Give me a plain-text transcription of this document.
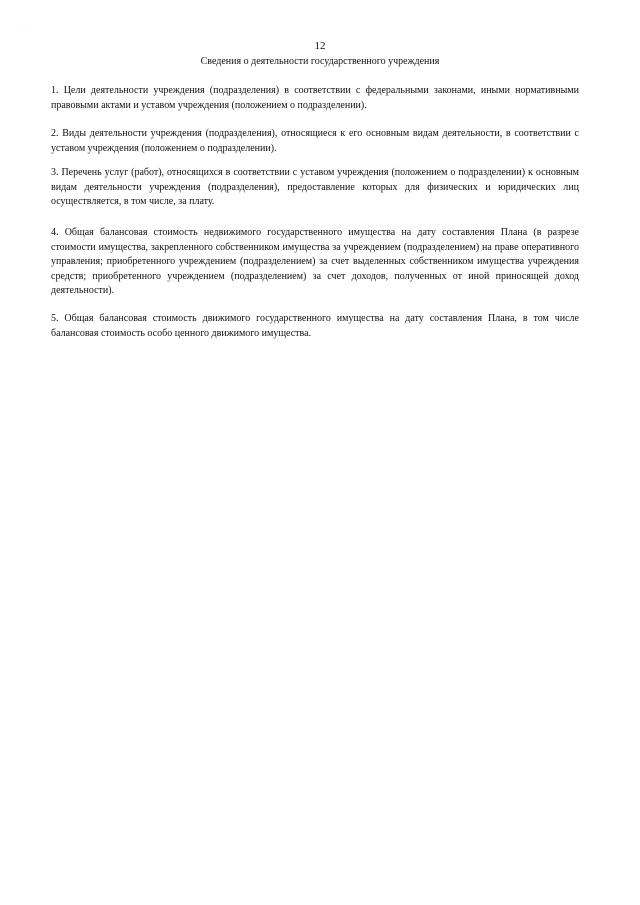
· · ·
12
Сведения о деятельности государственного учреждения

1. Цели деятельности учреждения (подразделения) в соответствии с федеральными законами, иными нормативными правовыми актами и уставом учреждения (положением о подразделении).

2. Виды деятельности учреждения (подразделения), относящиеся к его основным видам деятельности, в соответствии с уставом учреждения (положением о подразделении).

3. Перечень услуг (работ), относящихся в соответствии с уставом учреждения (положением о подразделении) к основным видам деятельности учреждения (подразделения), предоставление которых для физических и юридических лиц осуществляется, в том числе, за плату.

4. Общая балансовая стоимость недвижимого государственного имущества на дату составления Плана (в разрезе стоимости имущества, закрепленного собственником имущества за учреждением (подразделением) на праве оперативного управления; приобретенного учреждением (подразделением) за счет выделенных собственником имущества учреждения средств; приобретенного учреждением (подразделением) за счет доходов, полученных от иной приносящей доход деятельности).

5. Общая балансовая стоимость движимого государственного имущества на дату составления Плана, в том числе балансовая стоимость особо ценного движимого имущества.
